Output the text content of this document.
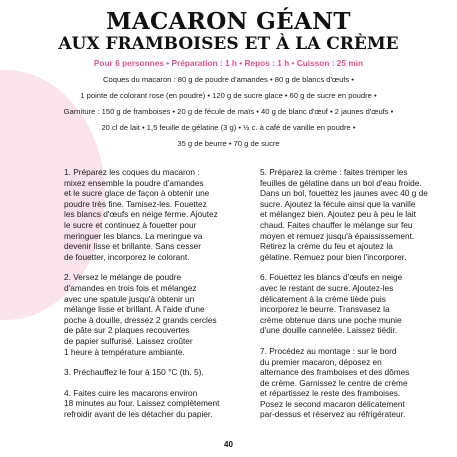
MACARON GÉANT
AUX FRAMBOISES ET À LA CRÈME
Pour 6 personnes • Préparation : 1 h • Repos : 1 h • Cuisson : 25 min
Coques du macaron : 80 g de poudre d'amandes • 80 g de blancs d'œufs •
1 pointe de colorant rose (en poudre) • 120 g de sucre glace • 60 g de sucre en poudre •
Garniture : 150 g de framboises • 20 g de fécule de maïs • 40 g de blanc d'œuf • 2 jaunes d'œufs •
20 cl de lait • 1,5 feuille de gélatine (3 g) • ½ c. à café de vanille en poudre •
35 g de beurre • 70 g de sucre

1. Préparez les coques du macaron :
mixez ensemble la poudre d'amandes
et le sucre glace de façon à obtenir une
poudre très fine. Tamisez-les. Fouettez
les blancs d'œufs en neige ferme. Ajoutez
le sucre et continuez à fouetter pour
meringuer les blancs. La meringue va
devenir lisse et brillante. Sans cesser
de fouetter, incorporez le colorant.

2. Versez le mélange de poudre
d'amandes en trois fois et mélangez
avec une spatule jusqu'à obtenir un
mélange lisse et brillant. À l'aide d'une
poche à douille, dressez 2 grands cercles
de pâte sur 2 plaques recouvertes
de papier sulfurisé. Laissez croûter
1 heure à température ambiante.

3. Préchauffez le four à 150 °C (th. 5).

4. Faites cuire les macarons environ
18 minutes au four. Laissez complètement
refroidir avant de les détacher du papier.

5. Préparez la crème : faites tremper les
feuilles de gélatine dans un bol d'eau froide.
Dans un bol, fouettez les jaunes avec 40 g de
sucre. Ajoutez la fécule ainsi que la vanille
et mélangez bien. Ajoutez peu à peu le lait
chaud. Faites chauffer le mélange sur feu
moyen et remuez jusqu'à épaississement.
Retirez la crème du feu et ajoutez la
gélatine. Remuez pour bien l'incorporer.

6. Fouettez les blancs d'œufs en neige
avec le restant de sucre. Ajoutez-les
délicatement à la crème tiède puis
incorporez le beurre. Transvasez la
crème obtenue dans une poche munie
d'une douille cannelée. Laissez tiédir.

7. Procédez au montage : sur le bord
du premier macaron, déposez en
alternance des framboises et des dômes
de crème. Garnissez le centre de crème
et répartissez le reste des framboises.
Posez le second macaron délicatement
par-dessus et réservez au réfrigérateur.

40
